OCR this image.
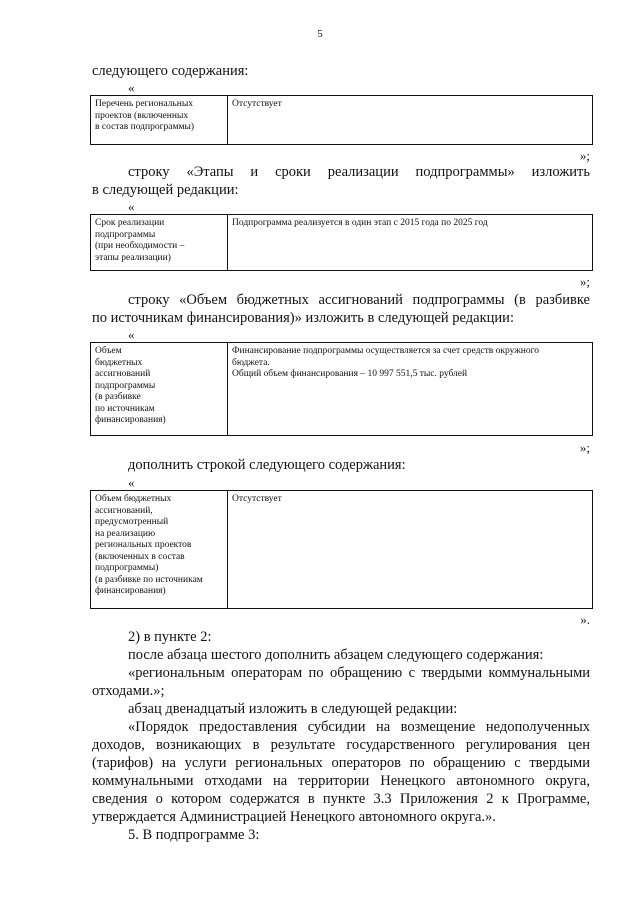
5
следующего содержания:
«
Перечень региональных
проектов (включенных
в состав подпрограммы)
Отсутствует
»;
строку «Этапы и сроки реализации подпрограммы» изложить
в следующей редакции:
«
Срок реализации
подпрограммы
(при необходимости –
этапы реализации)
Подпрограмма реализуется в один этап с 2015 года по 2025 год
»;
строку «Объем бюджетных ассигнований подпрограммы (в разбивке
по источникам финансирования)» изложить в следующей редакции:
«
Объем
бюджетных
ассигнований
подпрограммы
(в разбивке
по источникам
финансирования)
Финансирование подпрограммы осуществляется за счет средств окружного
бюджета.
Общий объем финансирования – 10 997 551,5 тыс. рублей
»;
дополнить строкой следующего содержания:
«
Объем бюджетных
ассигнований,
предусмотренный
на реализацию
региональных проектов
(включенных в состав
подпрограммы)
(в разбивке по источникам
финансирования)
Отсутствует
».
2) в пункте 2:
после абзаца шестого дополнить абзацем следующего содержания:
«региональным операторам по обращению с твердыми коммунальными
отходами.»;
абзац двенадцатый изложить в следующей редакции:
«Порядок предоставления субсидии на возмещение недополученных
доходов, возникающих в результате государственного регулирования цен
(тарифов) на услуги региональных операторов по обращению с твердыми
коммунальными отходами на территории Ненецкого автономного округа,
сведения о котором содержатся в пункте 3.3 Приложения 2 к Программе,
утверждается Администрацией Ненецкого автономного округа.».
5. В подпрограмме 3:
